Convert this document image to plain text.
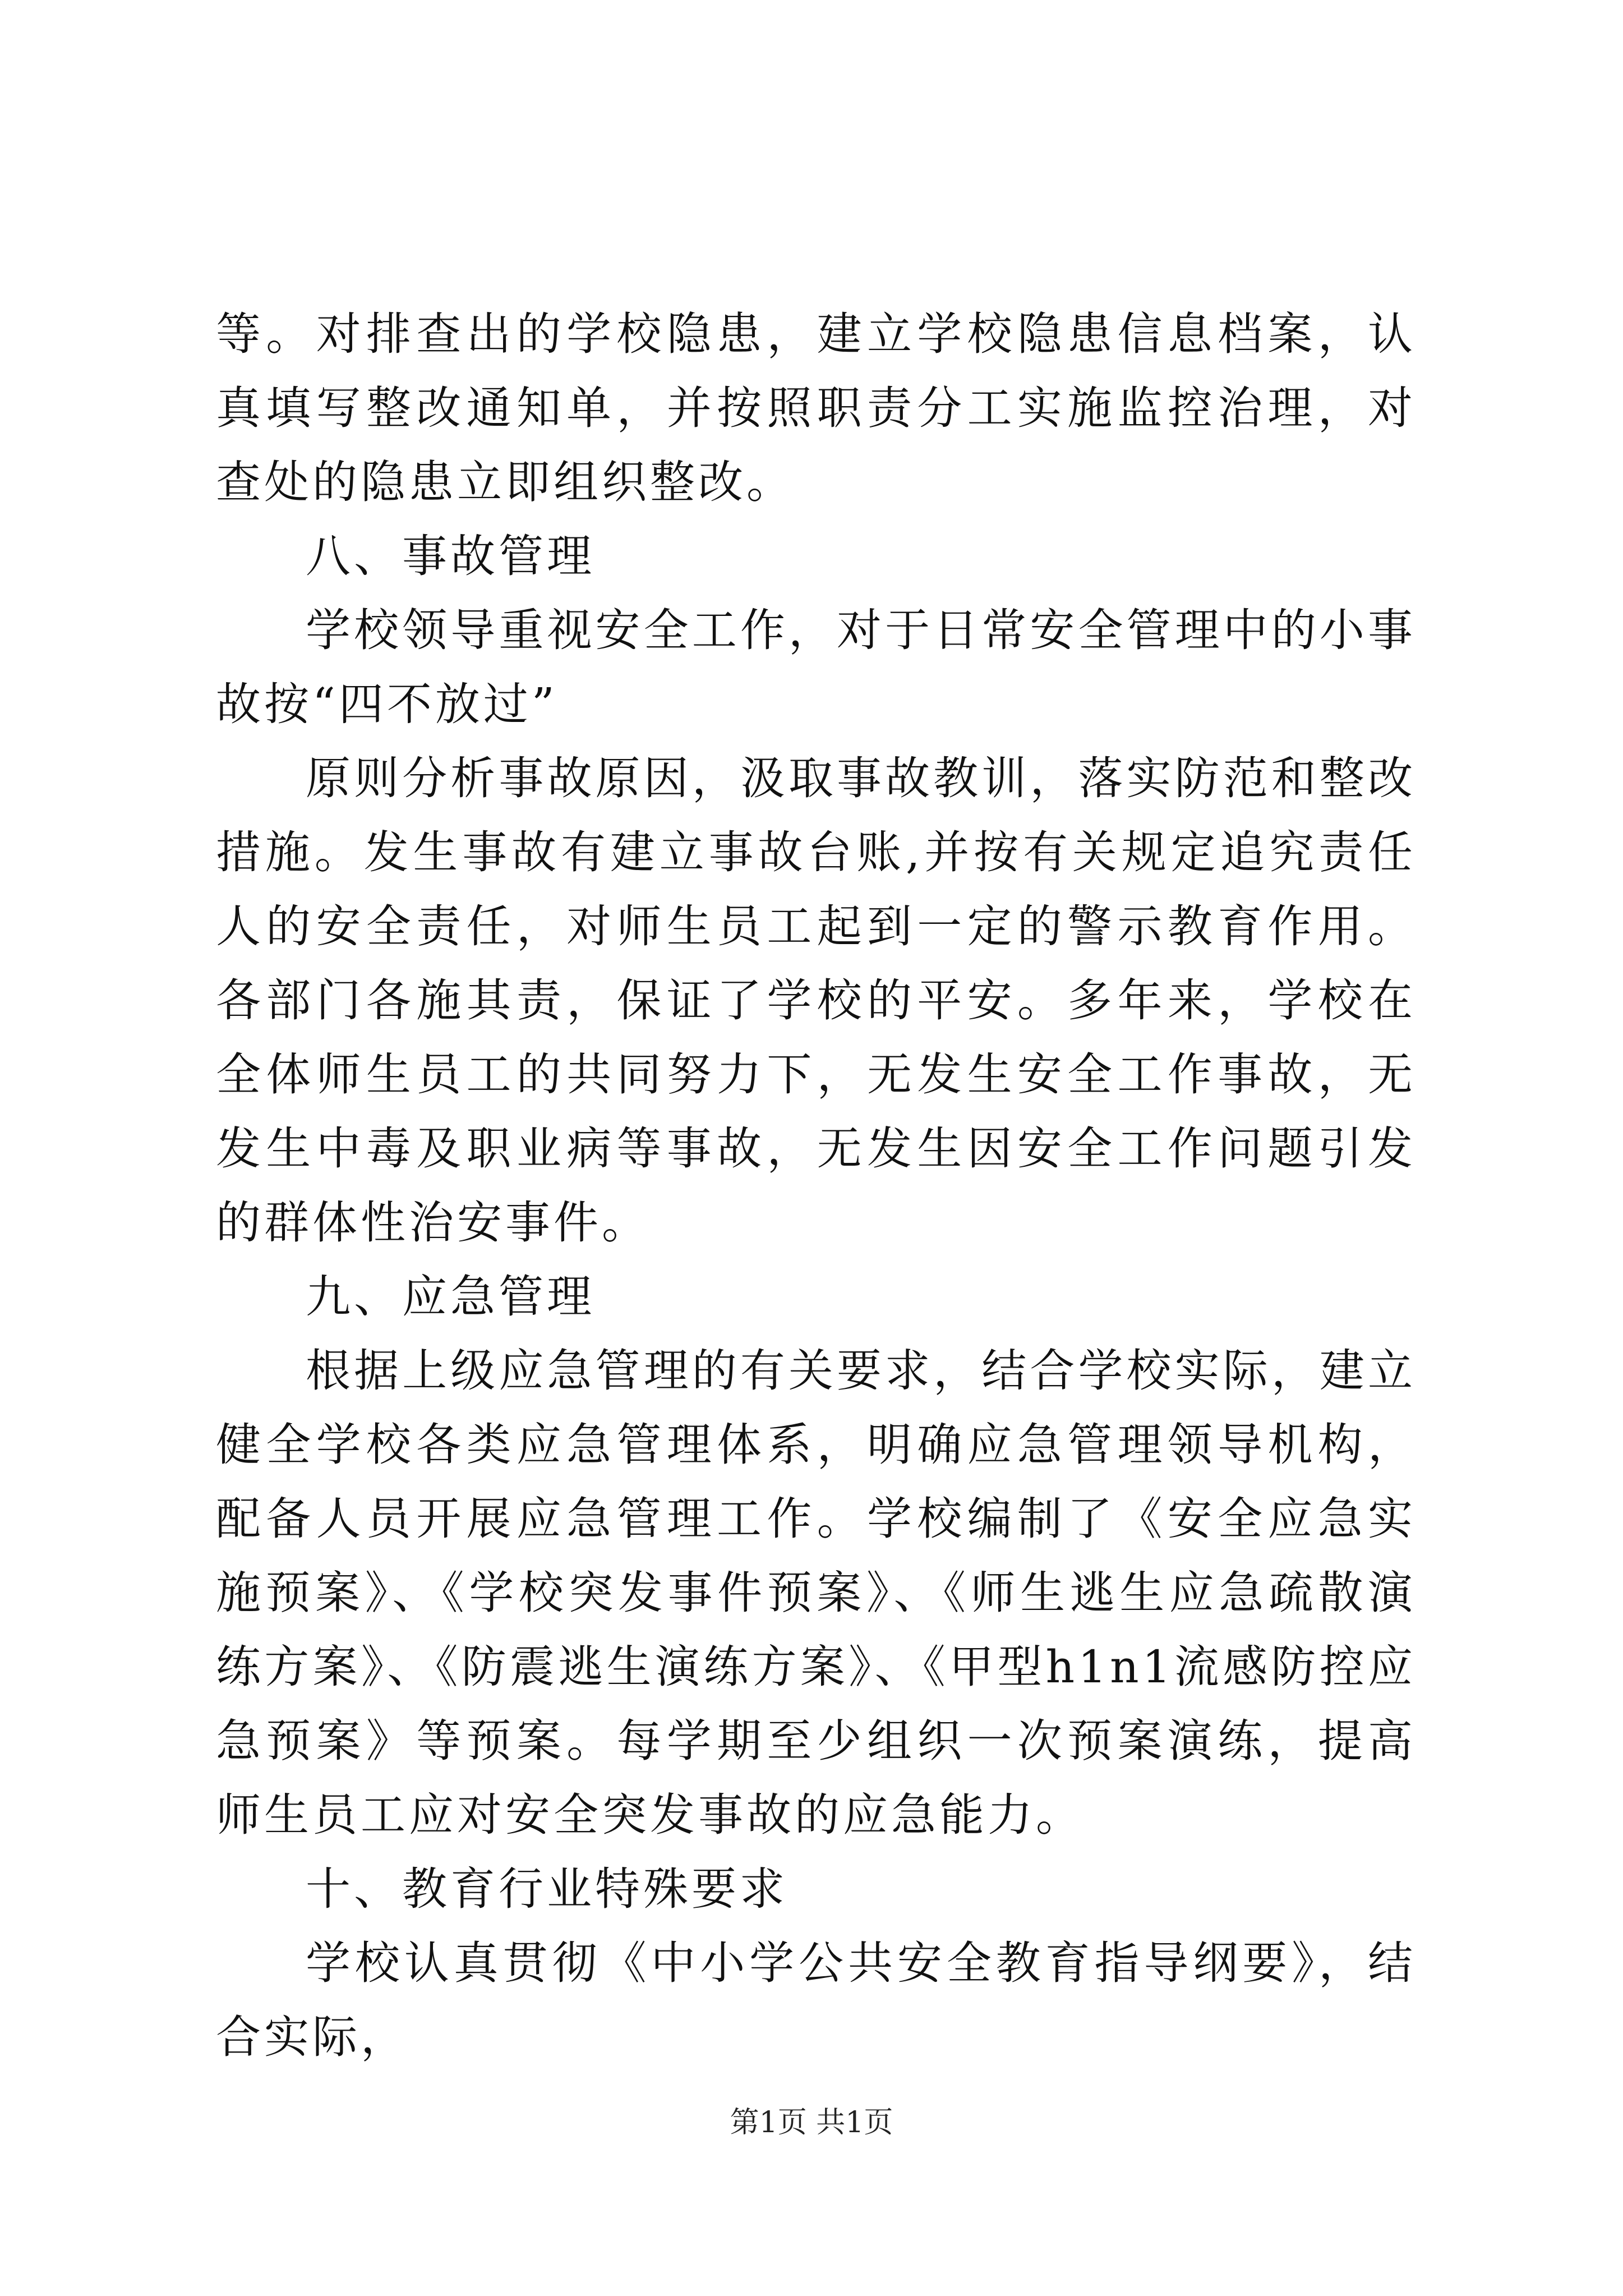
等。对排查出的学校隐患，建立学校隐患信息档案，认真填写整改通知单，并按照职责分工实施监控治理，对查处的隐患立即组织整改。

八、事故管理

学校领导重视安全工作，对于日常安全管理中的小事故按“四不放过”

原则分析事故原因，汲取事故教训，落实防范和整改措施。发生事故有建立事故台账,并按有关规定追究责任人的安全责任，对师生员工起到一定的警示教育作用。各部门各施其责，保证了学校的平安。多年来，学校在全体师生员工的共同努力下，无发生安全工作事故，无发生中毒及职业病等事故，无发生因安全工作问题引发的群体性治安事件。

九、应急管理

根据上级应急管理的有关要求，结合学校实际，建立健全学校各类应急管理体系，明确应急管理领导机构，配备人员开展应急管理工作。学校编制了《安全应急实施预案》、《学校突发事件预案》、《师生逃生应急疏散演练方案》、《防震逃生演练方案》、《甲型h1n1流感防控应急预案》等预案。每学期至少组织一次预案演练，提高师生员工应对安全突发事故的应急能力。

十、教育行业特殊要求

学校认真贯彻《中小学公共安全教育指导纲要》，结合实际，

第1页 共1页
